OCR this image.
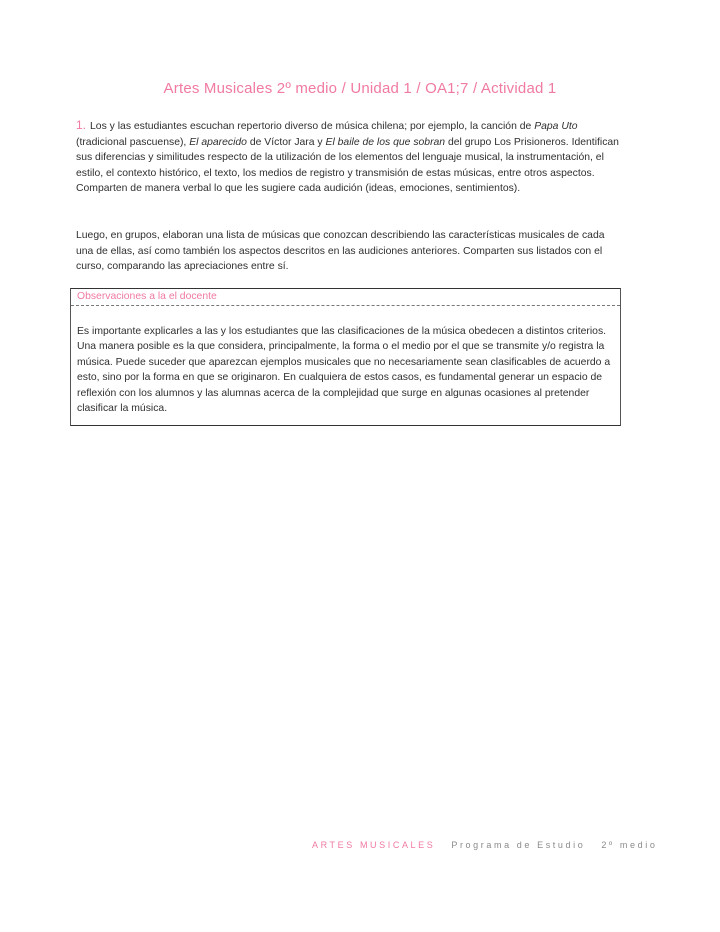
Artes Musicales 2º medio / Unidad 1 / OA1;7 / Actividad 1
1. Los y las estudiantes escuchan repertorio diverso de música chilena; por ejemplo, la canción de Papa Uto (tradicional pascuense), El aparecido de Víctor Jara y El baile de los que sobran del grupo Los Prisioneros. Identifican sus diferencias y similitudes respecto de la utilización de los elementos del lenguaje musical, la instrumentación, el estilo, el contexto histórico, el texto, los medios de registro y transmisión de estas músicas, entre otros aspectos. Comparten de manera verbal lo que les sugiere cada audición (ideas, emociones, sentimientos).
Luego, en grupos, elaboran una lista de músicas que conozcan describiendo las características musicales de cada una de ellas, así como también los aspectos descritos en las audiciones anteriores. Comparten sus listados con el curso, comparando las apreciaciones entre sí.
Observaciones a la el docente
Es importante explicarles a las y los estudiantes que las clasificaciones de la música obedecen a distintos criterios. Una manera posible es la que considera, principalmente, la forma o el medio por el que se transmite y/o registra la música. Puede suceder que aparezcan ejemplos musicales que no necesariamente sean clasificables de acuerdo a esto, sino por la forma en que se originaron. En cualquiera de estos casos, es fundamental generar un espacio de reflexión con los alumnos y las alumnas acerca de la complejidad que surge en algunas ocasiones al pretender clasificar la música.
ARTES MUSICALES Programa de Estudio 2º medio
